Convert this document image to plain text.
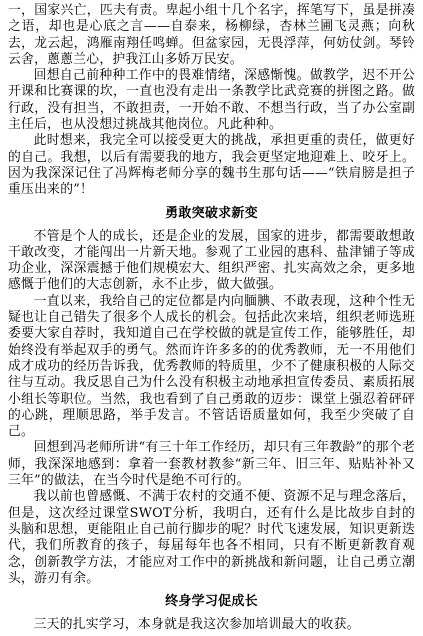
一，国家兴亡，匹夫有责。卑起小组十几个名字，挥笔写下，虽是拼凑之语，却也是心底之言——自泰来，杨柳绿，杏林兰圃飞灵燕；向秋去，龙云起，鸿雁南翔任鸣蝉。但盆家园，无畏浮萍，何妨仗剑。琴铃云舍，蔥蔥兰心，护我江山多娇万民安。

回想自己前种种工作中的畏难情绪，深感惭愧。做教学，迟不开公开课和比赛课的坎，一直也没有走出一条教学比武竞赛的拼图之路。做行政，没有担当，不敢担责，一开始不敢、不想当行政，当了办公室副主任后，也从没想过挑战其他岗位。凡此种种。

此时想来，我完全可以接受更大的挑战，承担更重的责任，做更好的自己。我想，以后有需要我的地方，我会更坚定地迎难上、咬牙上。因为我深深记住了冯辉梅老师分享的魏书生那句话——“铁肩膀是担子重压出来的”！

勇敢突破求新变

不管是个人的成长，还是企业的发展，国家的进步，都需要敢想敢干敢改变，才能闯出一片新天地。参观了工业园的惠科、盐津铺子等成功企业，深深震撼于他们规模宏大、组织严密、扎实高效之余，更多地感慨于他们的大志创新，永不止步，做大做强。

一直以来，我给自己的定位都是内向腼腆、不敢表现，这种个性无疑也让自己错失了很多个人成长的机会。包括此次来培，组织老师选班委要大家自荐时，我知道自己在学校做的就是宣传工作，能够胜任，却始终没有举起双手的勇气。然而许许多多的的优秀教师，无一不用他们成才成功的经历告诉我，优秀教师的特质里，少不了健康积极的人际交往与互动。我反思自己为什么没有积极主动地承担宣传委员、素质拓展小组长等职位。当然，我也看到了自己勇敢的迈步：课堂上强忍着砰砰的心跳，理顺思路，举手发言。不管话语质量如何，我至少突破了自己。

回想到冯老师所讲“有三十年工作经历，却只有三年教龄”的那个老师，我深深地感到：拿着一套教材教参“新三年、旧三年、贴贴补补又三年”的做法，在当今时代是绝不可行的。

我以前也曾感慨、不满于农村的交通不便、资源不足与理念落后，但是，这次经过课堂SWOT分析，我明白，还有什么是比故步自封的头脑和思想，更能阻止自己前行脚步的呢？时代飞速发展，知识更新迭代，我们所教育的孩子，每届每年也各不相同，只有不断更新教育观念，创新教学方法，才能应对工作中的新挑战和新问题，让自己勇立潮头，游刃有余。

终身学习促成长

三天的扎实学习，本身就是我这次参加培训最大的收获。
